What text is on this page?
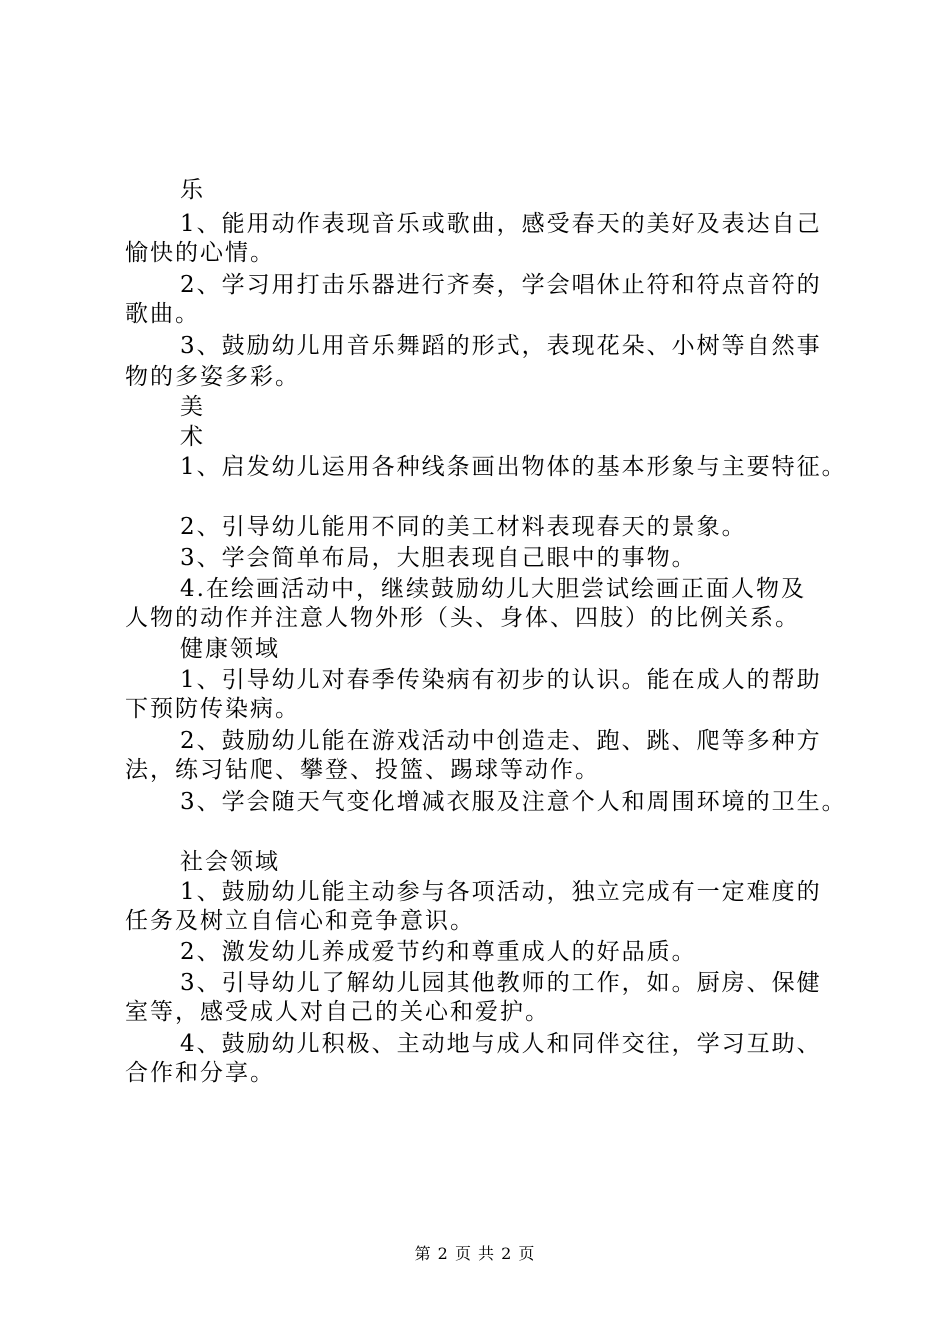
乐
1、能用动作表现音乐或歌曲，感受春天的美好及表达自己
愉快的心情。
2、学习用打击乐器进行齐奏，学会唱休止符和符点音符的
歌曲。
3、鼓励幼儿用音乐舞蹈的形式，表现花朵、小树等自然事
物的多姿多彩。
美
术
1、启发幼儿运用各种线条画出物体的基本形象与主要特征。
2、引导幼儿能用不同的美工材料表现春天的景象。
3、学会简单布局，大胆表现自己眼中的事物。
4.在绘画活动中，继续鼓励幼儿大胆尝试绘画正面人物及
人物的动作并注意人物外形（头、身体、四肢）的比例关系。
健康领域
1、引导幼儿对春季传染病有初步的认识。能在成人的帮助
下预防传染病。
2、鼓励幼儿能在游戏活动中创造走、跑、跳、爬等多种方
法，练习钻爬、攀登、投篮、踢球等动作。
3、学会随天气变化增减衣服及注意个人和周围环境的卫生。
社会领域
1、鼓励幼儿能主动参与各项活动，独立完成有一定难度的
任务及树立自信心和竞争意识。
2、激发幼儿养成爱节约和尊重成人的好品质。
3、引导幼儿了解幼儿园其他教师的工作，如。厨房、保健
室等，感受成人对自己的关心和爱护。
4、鼓励幼儿积极、主动地与成人和同伴交往，学习互助、
合作和分享。
第 2 页 共 2 页
